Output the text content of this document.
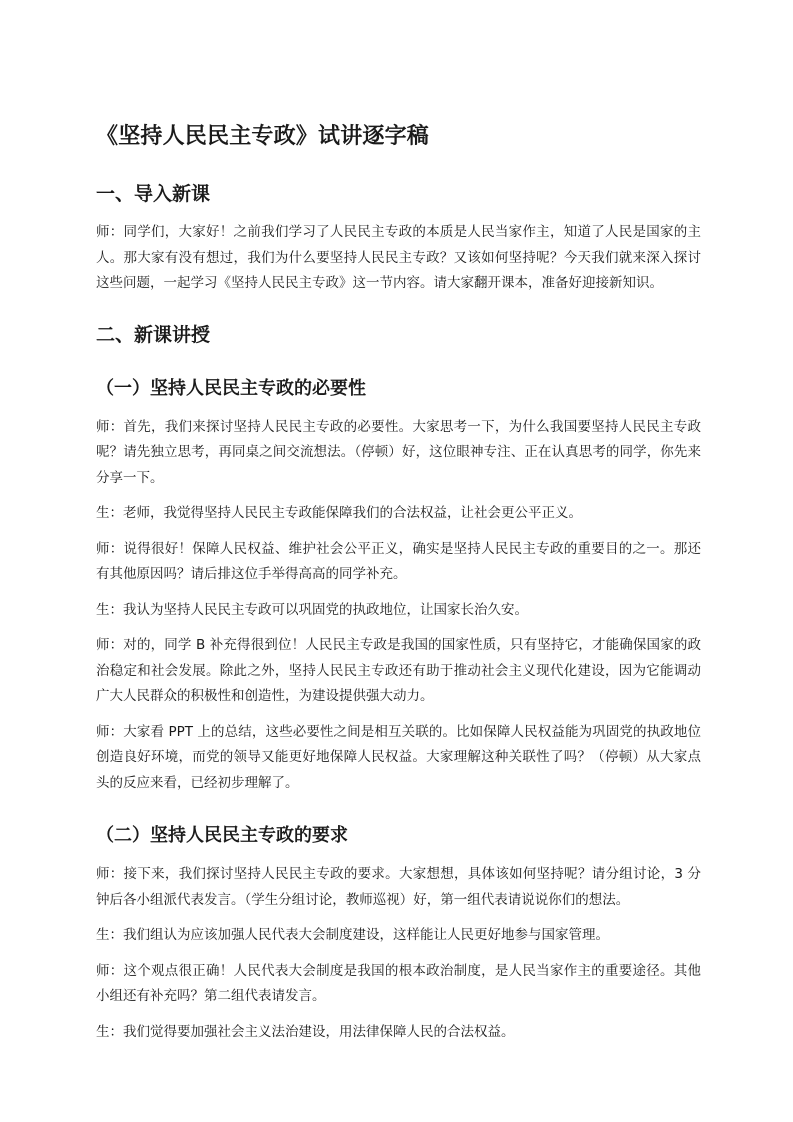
《坚持人民民主专政》试讲逐字稿
一、导入新课

师：同学们，大家好！之前我们学习了人民民主专政的本质是人民当家作主，知道了人民是国家的主人。那大家有没有想过，我们为什么要坚持人民民主专政？又该如何坚持呢？今天我们就来深入探讨这些问题，一起学习《坚持人民民主专政》这一节内容。请大家翻开课本，准备好迎接新知识。

二、新课讲授
（一）坚持人民民主专政的必要性

师：首先，我们来探讨坚持人民民主专政的必要性。大家思考一下，为什么我国要坚持人民民主专政呢？请先独立思考，再同桌之间交流想法。（停顿）好，这位眼神专注、正在认真思考的同学，你先来分享一下。

生：老师，我觉得坚持人民民主专政能保障我们的合法权益，让社会更公平正义。

师：说得很好！保障人民权益、维护社会公平正义，确实是坚持人民民主专政的重要目的之一。那还有其他原因吗？请后排这位手举得高高的同学补充。

生：我认为坚持人民民主专政可以巩固党的执政地位，让国家长治久安。

师：对的，同学 B 补充得很到位！人民民主专政是我国的国家性质，只有坚持它，才能确保国家的政治稳定和社会发展。除此之外，坚持人民民主专政还有助于推动社会主义现代化建设，因为它能调动广大人民群众的积极性和创造性，为建设提供强大动力。

师：大家看 PPT 上的总结，这些必要性之间是相互关联的。比如保障人民权益能为巩固党的执政地位创造良好环境，而党的领导又能更好地保障人民权益。大家理解这种关联性了吗？（停顿）从大家点头的反应来看，已经初步理解了。

（二）坚持人民民主专政的要求

师：接下来，我们探讨坚持人民民主专政的要求。大家想想，具体该如何坚持呢？请分组讨论，3 分钟后各小组派代表发言。（学生分组讨论，教师巡视）好，第一组代表请说说你们的想法。

生：我们组认为应该加强人民代表大会制度建设，这样能让人民更好地参与国家管理。

师：这个观点很正确！人民代表大会制度是我国的根本政治制度，是人民当家作主的重要途径。其他小组还有补充吗？第二组代表请发言。

生：我们觉得要加强社会主义法治建设，用法律保障人民的合法权益。
